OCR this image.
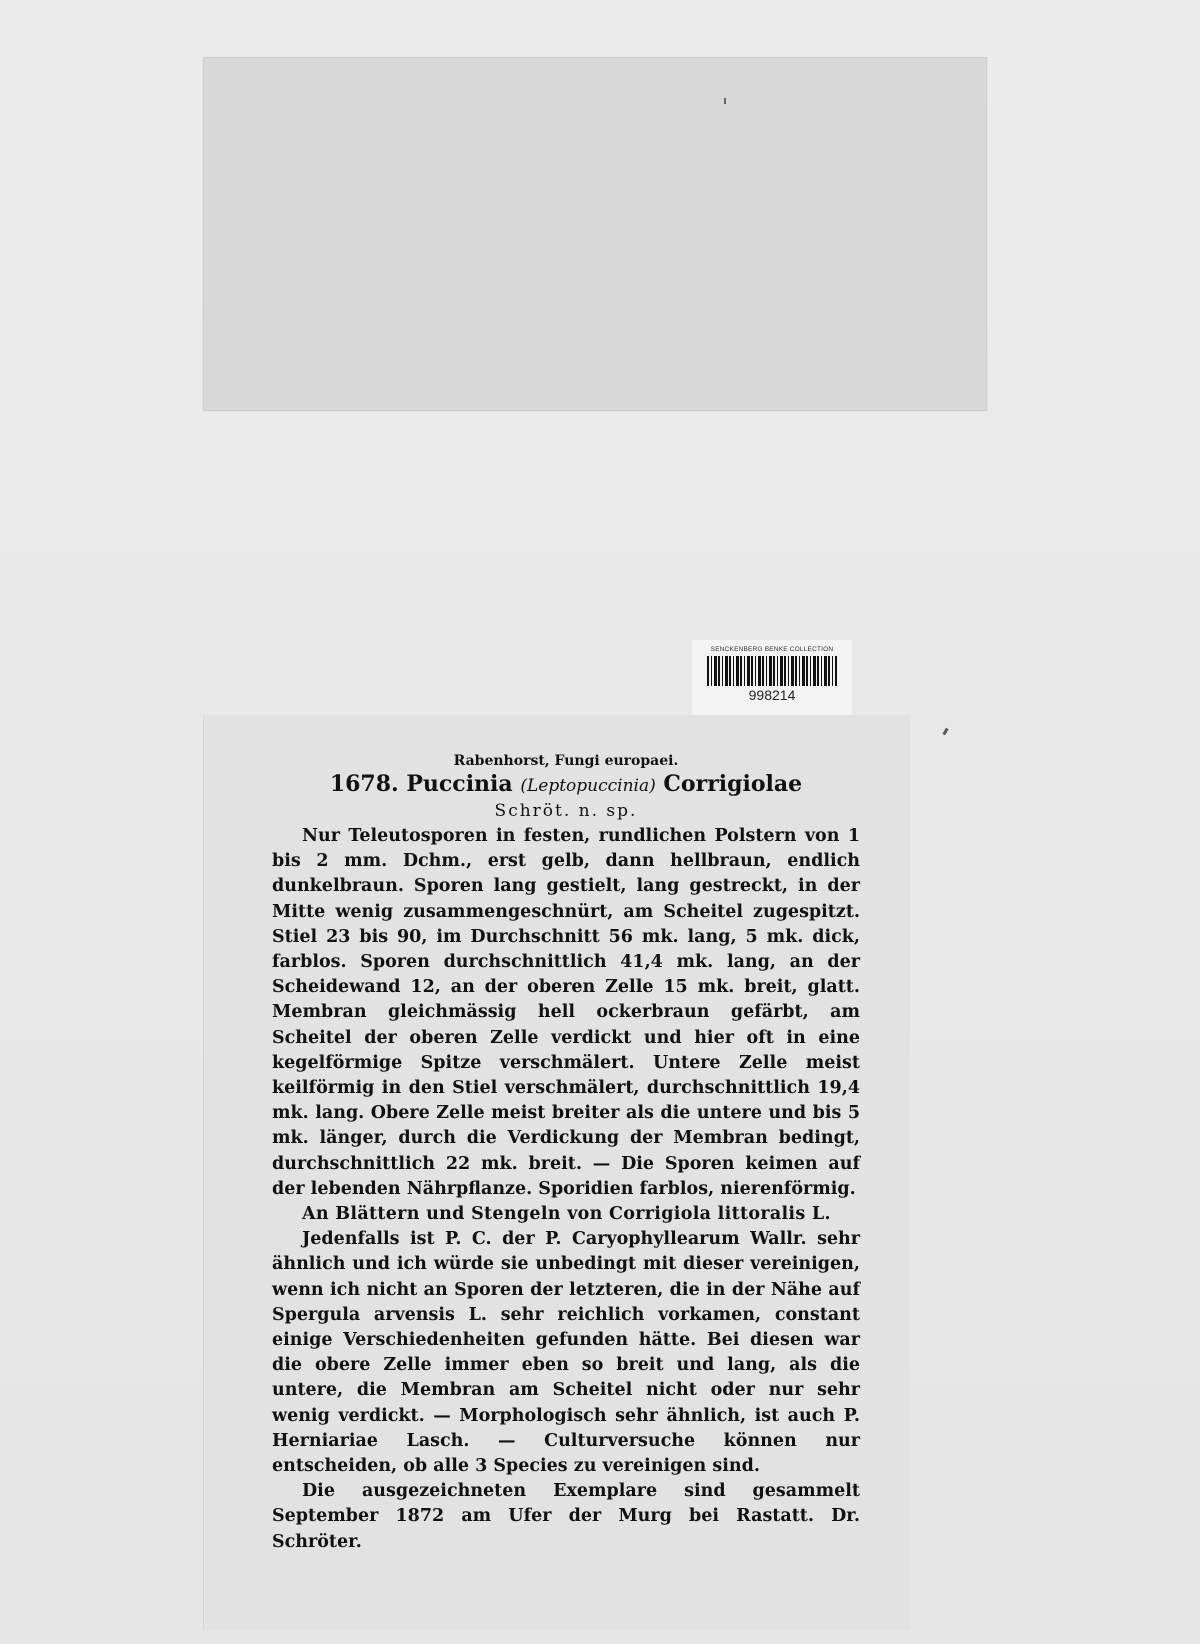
SENCKENBERG BENKE COLLECTION
998214
Rabenhorst, Fungi europaei.
1678. Puccinia (Leptopuccinia) Corrigiolae
Schröt. n. sp.

Nur Teleutosporen in festen, rundlichen Polstern von 1 bis 2 mm. Dchm., erst gelb, dann hellbraun, endlich dunkelbraun. Sporen lang gestielt, lang gestreckt, in der Mitte wenig zusammengeschnürt, am Scheitel zugespitzt. Stiel 23 bis 90, im Durchschnitt 56 mk. lang, 5 mk. dick, farblos. Sporen durchschnittlich 41,4 mk. lang, an der Scheidewand 12, an der oberen Zelle 15 mk. breit, glatt. Membran gleichmässig hell ockerbraun gefärbt, am Scheitel der oberen Zelle verdickt und hier oft in eine kegelförmige Spitze verschmälert. Untere Zelle meist keilförmig in den Stiel verschmälert, durchschnittlich 19,4 mk. lang. Obere Zelle meist breiter als die untere und bis 5 mk. länger, durch die Verdickung der Membran bedingt, durchschnittlich 22 mk. breit. — Die Sporen keimen auf der lebenden Nährpflanze. Sporidien farblos, nierenförmig.

An Blättern und Stengeln von Corrigiola littoralis L.

Jedenfalls ist P. C. der P. Caryophyllearum Wallr. sehr ähnlich und ich würde sie unbedingt mit dieser vereinigen, wenn ich nicht an Sporen der letzteren, die in der Nähe auf Spergula arvensis L. sehr reichlich vorkamen, constant einige Verschiedenheiten gefunden hätte. Bei diesen war die obere Zelle immer eben so breit und lang, als die untere, die Membran am Scheitel nicht oder nur sehr wenig verdickt. — Morphologisch sehr ähnlich, ist auch P. Herniariae Lasch. — Culturversuche können nur entscheiden, ob alle 3 Species zu vereinigen sind.

Die ausgezeichneten Exemplare sind gesammelt September 1872 am Ufer der Murg bei Rastatt. Dr. Schröter.
